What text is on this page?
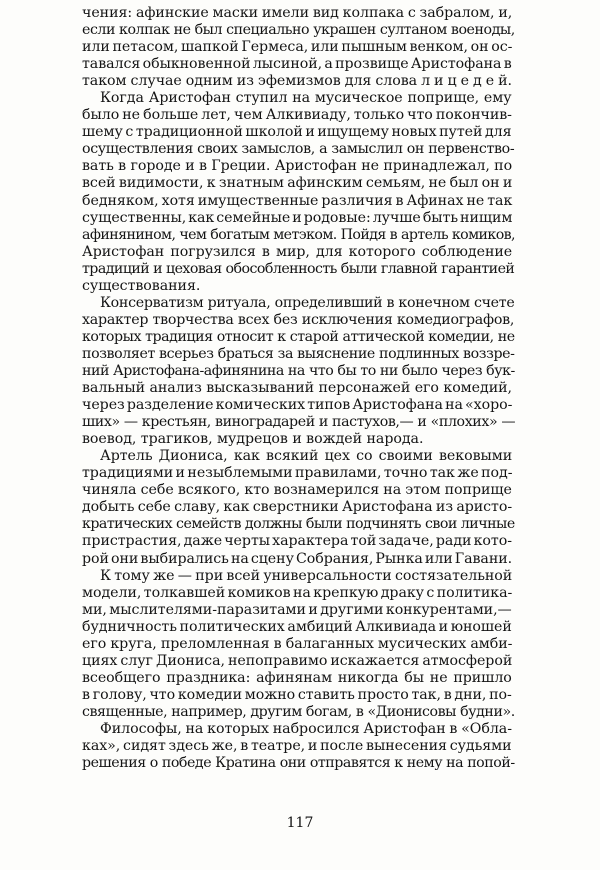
чения: афинские маски имели вид колпака с забралом, и,
если колпак не был специально украшен султаном военоды,
или петасом, шапкой Гермеса, или пышным венком, он ос-
тавался обыкновенной лысиной, а прозвище Аристофана в
таком случае одним из эфемизмов для слова л и ц е д е й.
Когда Аристофан ступил на мусическое поприще, ему
было не больше лет, чем Алкивиаду, только что покончив-
шему с традиционной школой и ищущему новых путей для
осуществления своих замыслов, а замыслил он первенство-
вать в городе и в Греции. Аристофан не принадлежал, по
всей видимости, к знатным афинским семьям, не был он и
бедняком, хотя имущественные различия в Афинах не так
существенны, как семейные и родовые: лучше быть нищим
афинянином, чем богатым метэком. Пойдя в артель комиков,
Аристофан погрузился в мир, для которого соблюдение
традиций и цеховая обособленность были главной гарантией
существования.
Консерватизм ритуала, определивший в конечном счете
характер творчества всех без исключения комедиографов,
которых традиция относит к старой аттической комедии, не
позволяет всерьез браться за выяснение подлинных воззре-
ний Аристофана-афинянина на что бы то ни было через бук-
вальный анализ высказываний персонажей его комедий,
через разделение комических типов Аристофана на «хоро-
ших» — крестьян, виноградарей и пастухов,— и «плохих» —
воевод, трагиков, мудрецов и вождей народа.
Артель Диониса, как всякий цех со своими вековыми
традициями и незыблемыми правилами, точно так же под-
чиняла себе всякого, кто вознамерился на этом поприще
добыть себе славу, как сверстники Аристофана из аристо-
кратических семейств должны были подчинять свои личные
пристрастия, даже черты характера той задаче, ради кото-
рой они выбирались на сцену Собрания, Рынка или Гавани.
К тому же — при всей универсальности состязательной
модели, толкавшей комиков на крепкую драку с политика-
ми, мыслителями-паразитами и другими конкурентами,—
будничность политических амбиций Алкивиада и юношей
его круга, преломленная в балаганных мусических амби-
циях слуг Диониса, непоправимо искажается атмосферой
всеобщего праздника: афинянам никогда бы не пришло
в голову, что комедии можно ставить просто так, в дни, по-
священные, например, другим богам, в «Дионисовы будни».
Философы, на которых набросился Аристофан в «Обла-
ках», сидят здесь же, в театре, и после вынесения судьями
решения о победе Кратина они отправятся к нему на попой-
117
